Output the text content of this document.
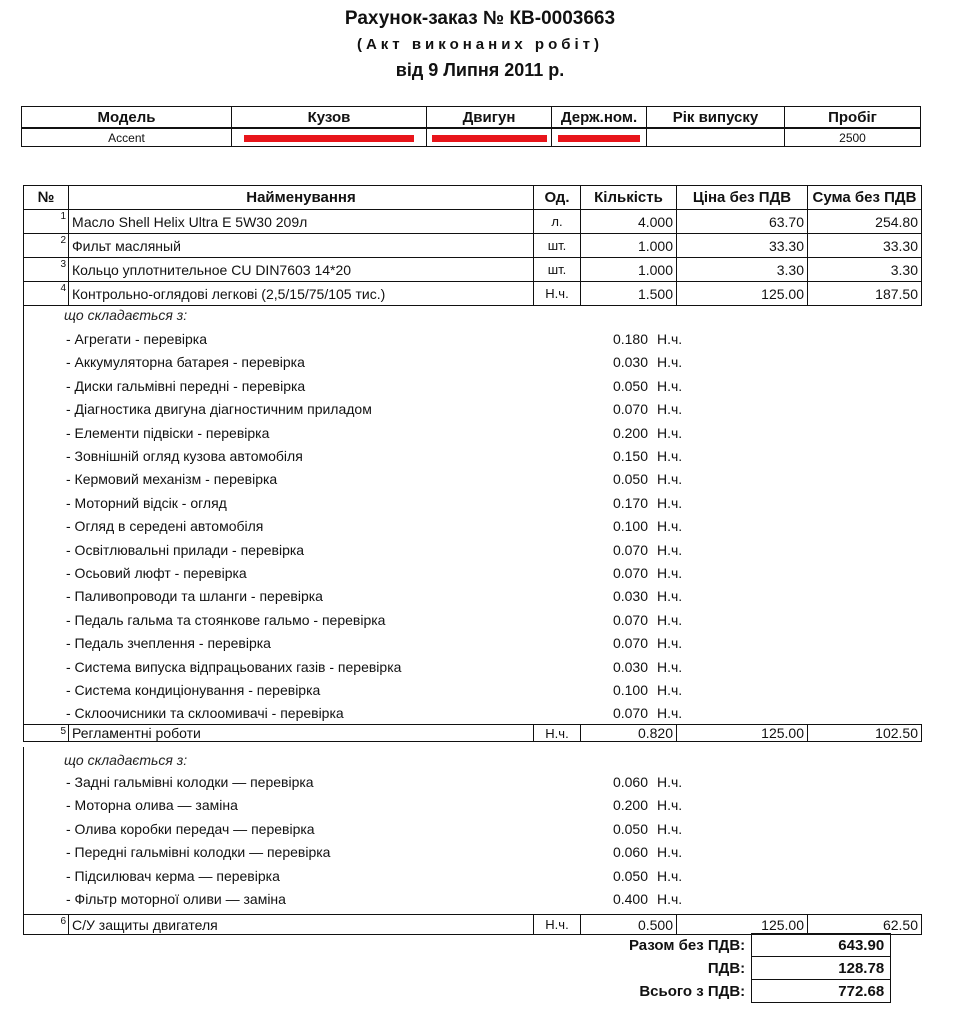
Рахунок-заказ № КВ-0003663
(Акт виконаних робіт)
від 9 Липня 2011 р.
Модель	Кузов	Двигун	Держ.ном.	Рік випуску	Пробіг
Accent					2500
№	Найменування	Од.	Кількість	Ціна без ПДВ	Сума без ПДВ
1	Масло Shell Helix Ultra E 5W30 209л	л.	4.000	63.70	254.80
2	Фильт масляный	шт.	1.000	33.30	33.30
3	Кольцо уплотнительное CU DIN7603 14*20	шт.	1.000	3.30	3.30
4	Контрольно-оглядові легкові (2,5/15/75/105 тис.)	Н.ч.	1.500	125.00	187.50
що складається з:
- Агрегати - перевірка	0.180 Н.ч.
- Аккумуляторна батарея - перевірка	0.030 Н.ч.
- Диски гальмівні передні - перевірка	0.050 Н.ч.
- Діагностика двигуна діагностичним приладом	0.070 Н.ч.
- Елементи підвіски - перевірка	0.200 Н.ч.
- Зовнішній огляд кузова автомобіля	0.150 Н.ч.
- Кермовий механізм - перевірка	0.050 Н.ч.
- Моторний відсік - огляд	0.170 Н.ч.
- Огляд в середені автомобіля	0.100 Н.ч.
- Освітлювальні прилади - перевірка	0.070 Н.ч.
- Осьовий люфт - перевірка	0.070 Н.ч.
- Паливопроводи та шланги - перевірка	0.030 Н.ч.
- Педаль гальма та стоянкове гальмо - перевірка	0.070 Н.ч.
- Педаль зчеплення - перевірка	0.070 Н.ч.
- Система випуска відпрацьованих газів - перевірка	0.030 Н.ч.
- Система кондиціонування - перевірка	0.100 Н.ч.
- Склоочисники та склоомивачі - перевірка	0.070 Н.ч.
5	Регламентні роботи	Н.ч.	0.820	125.00	102.50
що складається з:
- Задні гальмівні колодки — перевірка	0.060 Н.ч.
- Моторна олива — заміна	0.200 Н.ч.
- Олива коробки передач — перевірка	0.050 Н.ч.
- Передні гальмівні колодки — перевірка	0.060 Н.ч.
- Підсилювач керма — перевірка	0.050 Н.ч.
- Фільтр моторної оливи — заміна	0.400 Н.ч.
6	С/У защиты двигателя	Н.ч.	0.500	125.00	62.50
Разом без ПДВ:	643.90
ПДВ:	128.78
Всього з ПДВ:	772.68
